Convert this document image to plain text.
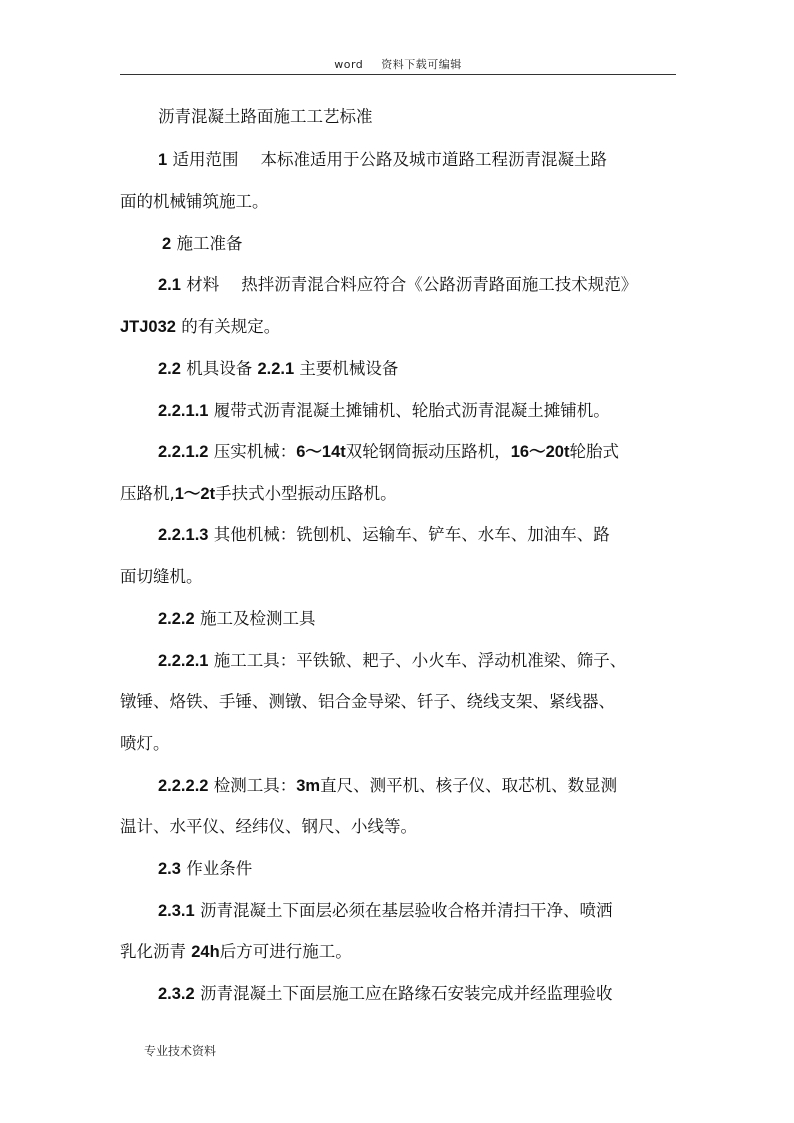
word 资料下载可编辑
沥青混凝土路面施工工艺标准
1 适用范围 本标准适用于公路及城市道路工程沥青混凝土路
面的机械铺筑施工。
2 施工准备
2.1 材料 热拌沥青混合料应符合《公路沥青路面施工技术规范》
JTJ032 的有关规定。
2.2 机具设备 2.2.1 主要机械设备
2.2.1.1 履带式沥青混凝土摊铺机、轮胎式沥青混凝土摊铺机。
2.2.1.2 压实机械：6～14t双轮钢筒振动压路机，16～20t轮胎式
压路机,1～2t手扶式小型振动压路机。
2.2.1.3 其他机械：铣刨机、运输车、铲车、水车、加油车、路
面切缝机。
2.2.2 施工及检测工具
2.2.2.1 施工工具：平铁锨、耙子、小火车、浮动机准梁、筛子、
镦锤、烙铁、手锤、测镦、铝合金导梁、钎子、绕线支架、紧线器、
喷灯。
2.2.2.2 检测工具：3m直尺、测平机、核子仪、取芯机、数显测
温计、水平仪、经纬仪、钢尺、小线等。
2.3 作业条件
2.3.1 沥青混凝土下面层必须在基层验收合格并清扫干净、喷洒
乳化沥青 24h后方可进行施工。
2.3.2 沥青混凝土下面层施工应在路缘石安装完成并经监理验收
专业技术资料
